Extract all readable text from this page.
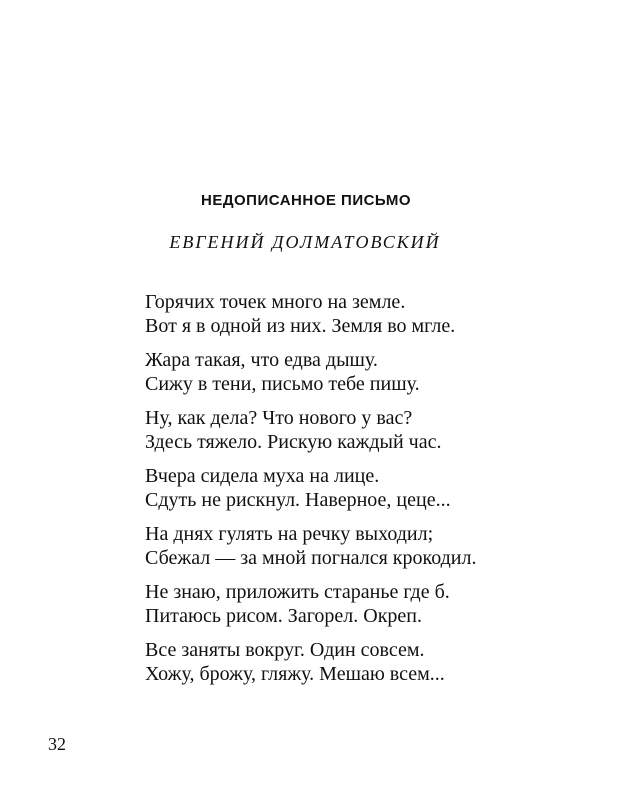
НЕДОПИСАННОЕ ПИСЬМО

ЕВГЕНИЙ ДОЛМАТОВСКИЙ

Горячих точек много на земле.
Вот я в одной из них. Земля во мгле.

Жара такая, что едва дышу.
Сижу в тени, письмо тебе пишу.

Ну, как дела? Что нового у вас?
Здесь тяжело. Рискую каждый час.

Вчера сидела муха на лице.
Сдуть не рискнул. Наверное, цеце...

На днях гулять на речку выходил;
Сбежал — за мной погнался крокодил.

Не знаю, приложить старанье где б.
Питаюсь рисом. Загорел. Окреп.

Все заняты вокруг. Один совсем.
Хожу, брожу, гляжу. Мешаю всем...

32
